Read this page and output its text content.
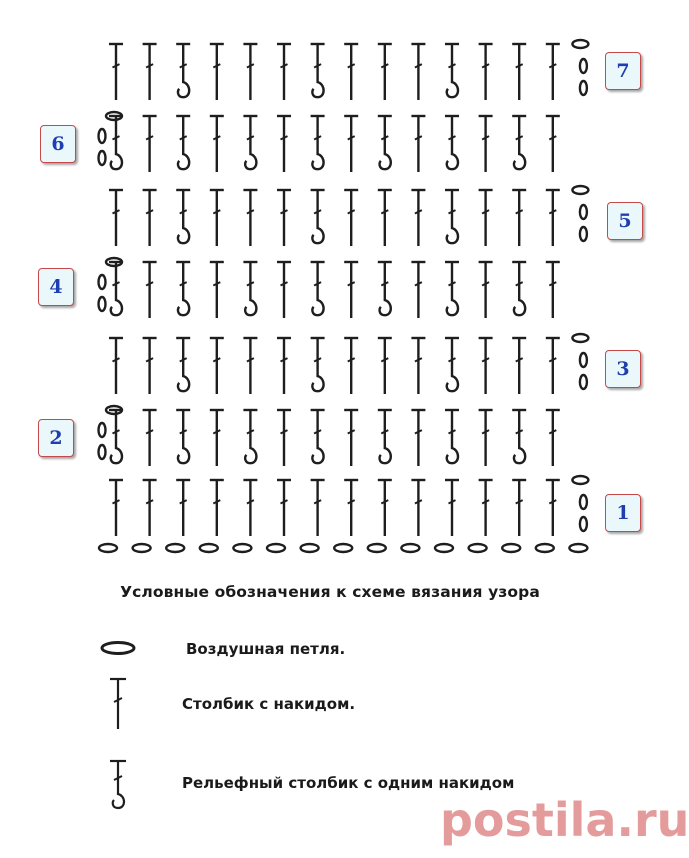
7
6
5
4
3
2
1
Условные обозначения к схеме вязания узора
Воздушная петля.
Столбик с накидом.
Рельефный столбик с одним накидом
postila.ru
